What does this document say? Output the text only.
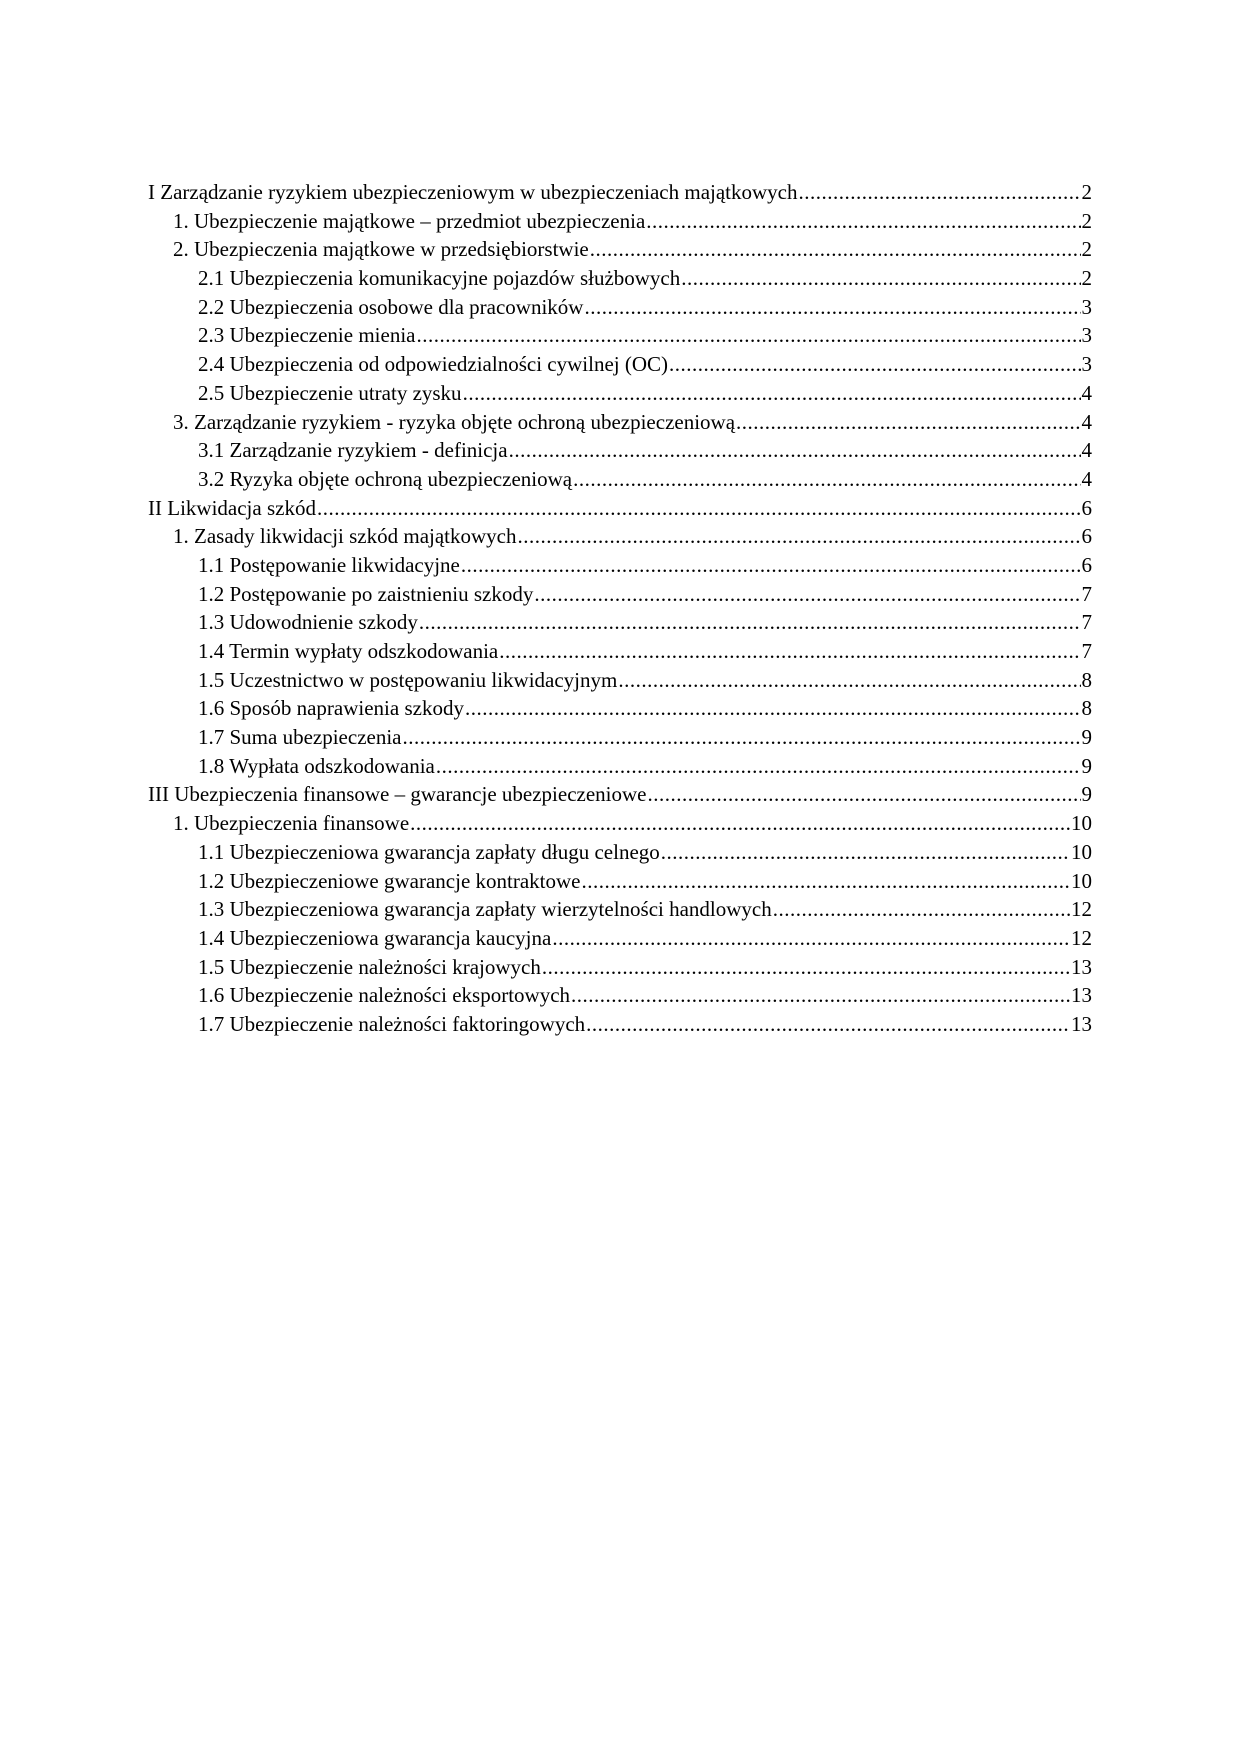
I Zarządzanie ryzykiem ubezpieczeniowym w ubezpieczeniach majątkowych .....	2
1. Ubezpieczenie majątkowe – przedmiot ubezpieczenia .....	2
2. Ubezpieczenia majątkowe w przedsiębiorstwie .....	2
2.1 Ubezpieczenia komunikacyjne pojazdów służbowych .....	2
2.2 Ubezpieczenia osobowe dla pracowników .....	3
2.3 Ubezpieczenie mienia .....	3
2.4 Ubezpieczenia od odpowiedzialności cywilnej (OC) .....	3
2.5 Ubezpieczenie utraty zysku .....	4
3. Zarządzanie ryzykiem - ryzyka objęte ochroną ubezpieczeniową .....	4
3.1 Zarządzanie ryzykiem - definicja .....	4
3.2 Ryzyka objęte ochroną ubezpieczeniową .....	4
II Likwidacja szkód .....	6
1. Zasady likwidacji szkód majątkowych .....	6
1.1 Postępowanie likwidacyjne .....	6
1.2 Postępowanie po zaistnieniu szkody .....	7
1.3 Udowodnienie szkody .....	7
1.4 Termin wypłaty odszkodowania .....	7
1.5 Uczestnictwo w postępowaniu likwidacyjnym .....	8
1.6 Sposób naprawienia szkody .....	8
1.7 Suma ubezpieczenia .....	9
1.8 Wypłata odszkodowania .....	9
III Ubezpieczenia finansowe – gwarancje ubezpieczeniowe .....	9
1. Ubezpieczenia finansowe .....	10
1.1 Ubezpieczeniowa gwarancja zapłaty długu celnego .....	10
1.2 Ubezpieczeniowe gwarancje kontraktowe .....	10
1.3 Ubezpieczeniowa gwarancja zapłaty wierzytelności handlowych .....	12
1.4 Ubezpieczeniowa gwarancja kaucyjna .....	12
1.5 Ubezpieczenie należności krajowych .....	13
1.6 Ubezpieczenie należności eksportowych .....	13
1.7 Ubezpieczenie należności faktoringowych .....	13
